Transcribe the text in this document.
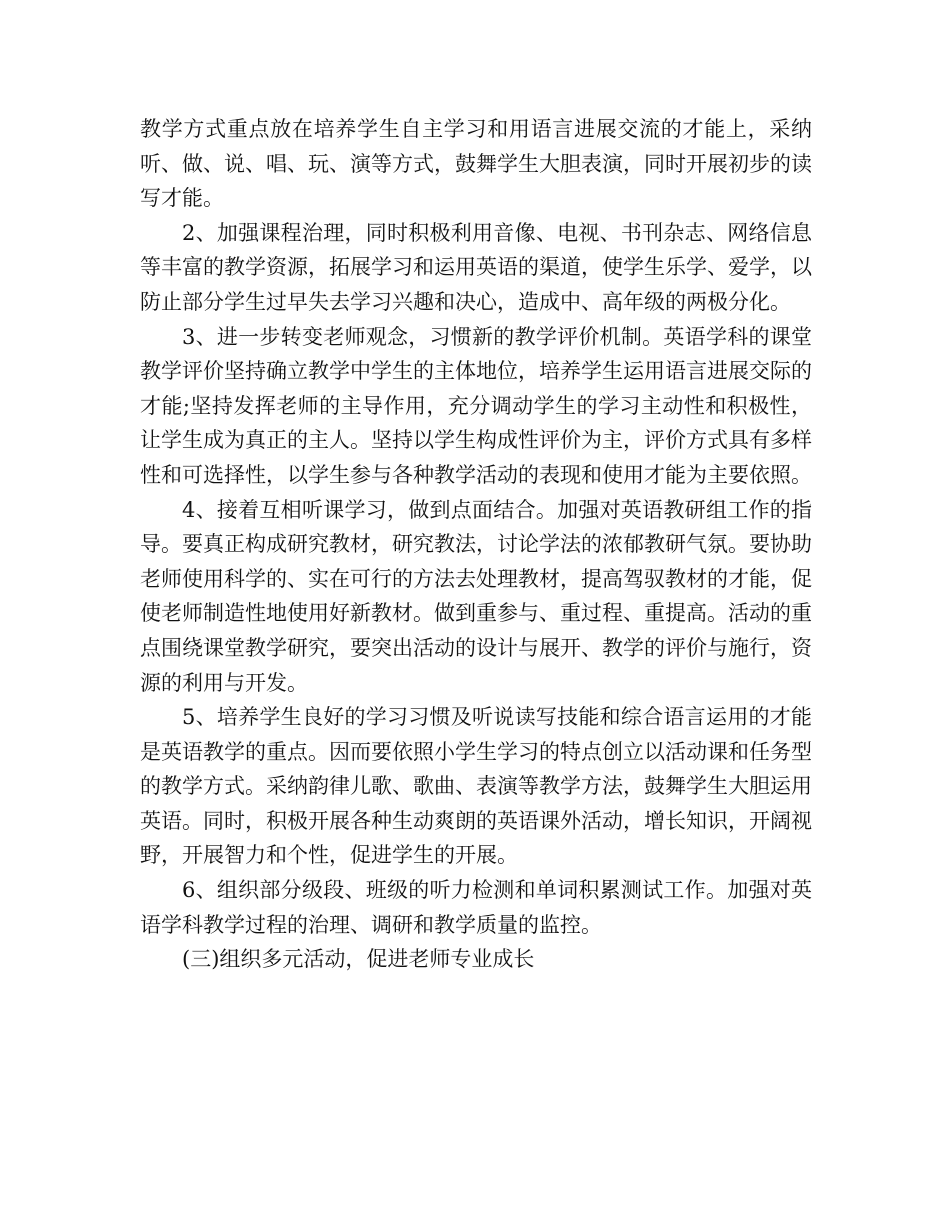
教学方式重点放在培养学生自主学习和用语言进展交流的才能上，采纳听、做、说、唱、玩、演等方式，鼓舞学生大胆表演，同时开展初步的读写才能。

2、加强课程治理，同时积极利用音像、电视、书刊杂志、网络信息等丰富的教学资源，拓展学习和运用英语的渠道，使学生乐学、爱学，以防止部分学生过早失去学习兴趣和决心，造成中、高年级的两极分化。

3、进一步转变老师观念，习惯新的教学评价机制。英语学科的课堂教学评价坚持确立教学中学生的主体地位，培养学生运用语言进展交际的才能;坚持发挥老师的主导作用，充分调动学生的学习主动性和积极性，让学生成为真正的主人。坚持以学生构成性评价为主，评价方式具有多样性和可选择性，以学生参与各种教学活动的表现和使用才能为主要依照。

4、接着互相听课学习，做到点面结合。加强对英语教研组工作的指导。要真正构成研究教材，研究教法，讨论学法的浓郁教研气氛。要协助老师使用科学的、实在可行的方法去处理教材，提高驾驭教材的才能，促使老师制造性地使用好新教材。做到重参与、重过程、重提高。活动的重点围绕课堂教学研究，要突出活动的设计与展开、教学的评价与施行，资源的利用与开发。

5、培养学生良好的学习习惯及听说读写技能和综合语言运用的才能是英语教学的重点。因而要依照小学生学习的特点创立以活动课和任务型的教学方式。采纳韵律儿歌、歌曲、表演等教学方法，鼓舞学生大胆运用英语。同时，积极开展各种生动爽朗的英语课外活动，增长知识，开阔视野，开展智力和个性，促进学生的开展。

6、组织部分级段、班级的听力检测和单词积累测试工作。加强对英语学科教学过程的治理、调研和教学质量的监控。

(三)组织多元活动，促进老师专业成长
